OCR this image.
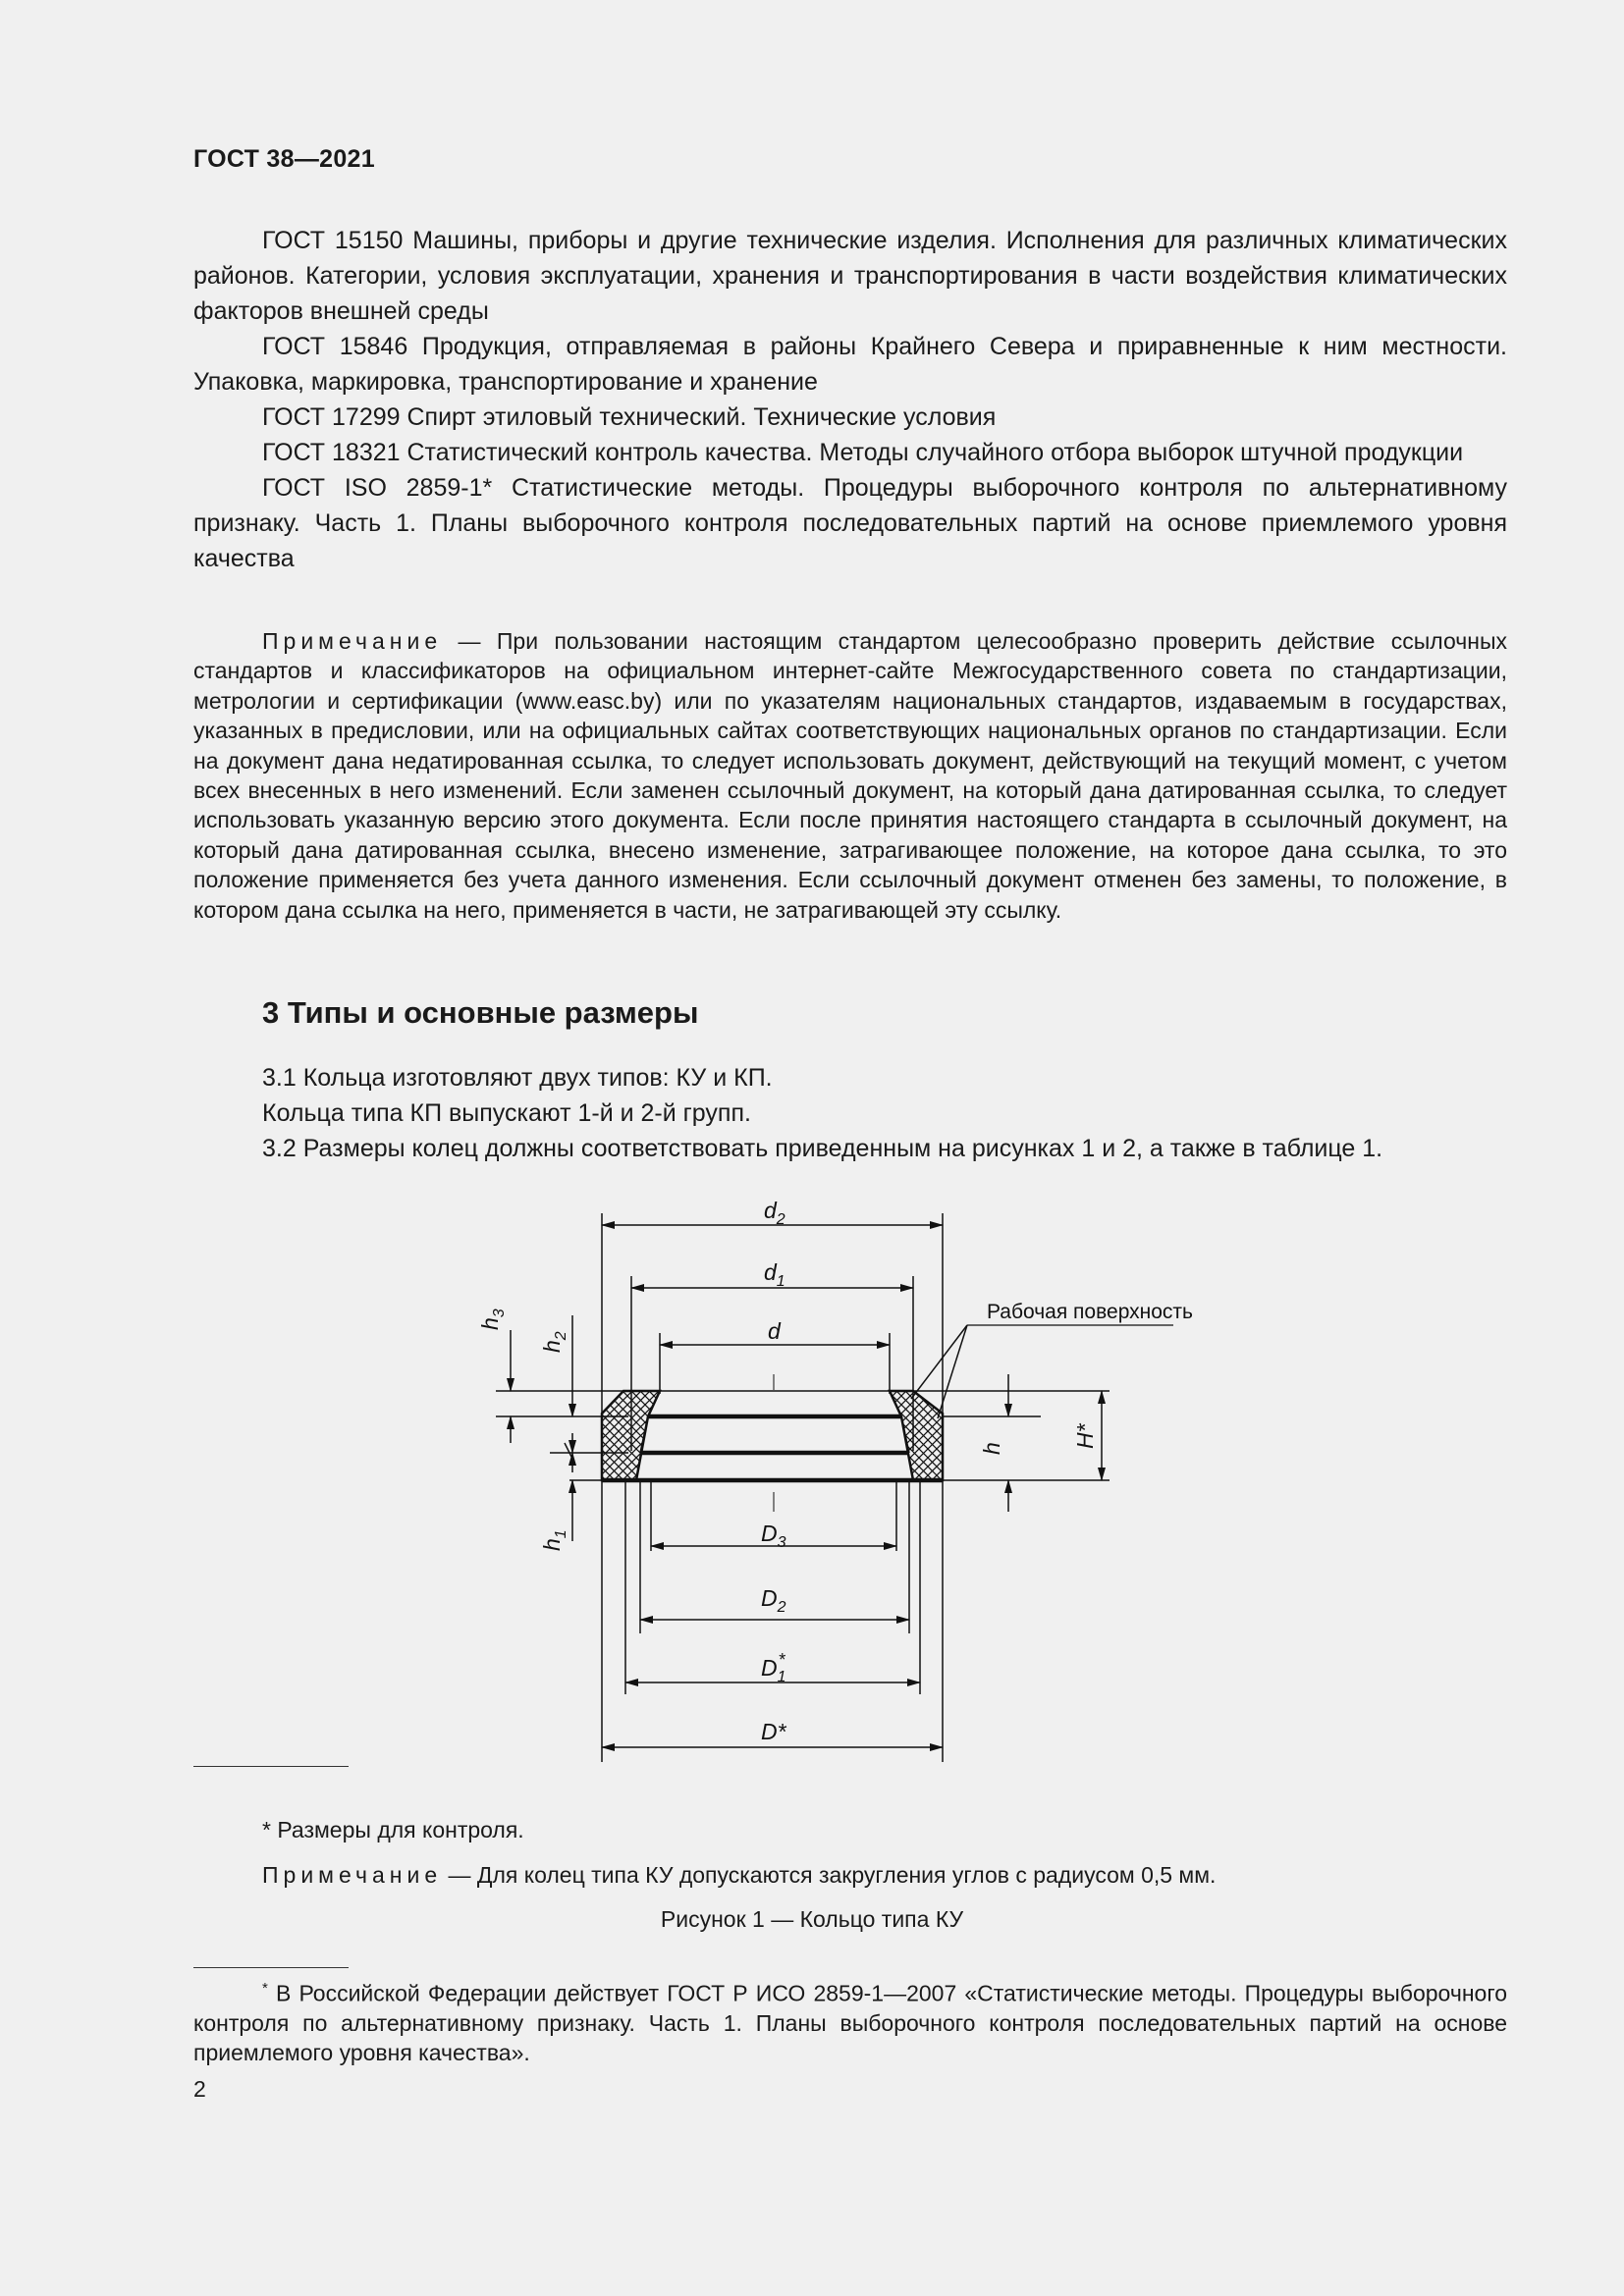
ГОСТ 38—2021

ГОСТ 15150 Машины, приборы и другие технические изделия. Исполнения для различных климатических районов. Категории, условия эксплуатации, хранения и транспортирования в части воздействия климатических факторов внешней среды

ГОСТ 15846 Продукция, отправляемая в районы Крайнего Севера и приравненные к ним местности. Упаковка, маркировка, транспортирование и хранение

ГОСТ 17299 Спирт этиловый технический. Технические условия

ГОСТ 18321 Статистический контроль качества. Методы случайного отбора выборок штучной продукции

ГОСТ ISO 2859-1* Статистические методы. Процедуры выборочного контроля по альтернативному признаку. Часть 1. Планы выборочного контроля последовательных партий на основе приемлемого уровня качества

Примечание — При пользовании настоящим стандартом целесообразно проверить действие ссылочных стандартов и классификаторов на официальном интернет-сайте Межгосударственного совета по стандартизации, метрологии и сертификации (www.easc.by) или по указателям национальных стандартов, издаваемым в государствах, указанных в предисловии, или на официальных сайтах соответствующих национальных органов по стандартизации. Если на документ дана недатированная ссылка, то следует использовать документ, действующий на текущий момент, с учетом всех внесенных в него изменений. Если заменен ссылочный документ, на который дана датированная ссылка, то следует использовать указанную версию этого документа. Если после принятия настоящего стандарта в ссылочный документ, на который дана датированная ссылка, внесено изменение, затрагивающее положение, на которое дана ссылка, то это положение применяется без учета данного изменения. Если ссылочный документ отменен без замены, то положение, в котором дана ссылка на него, применяется в части, не затрагивающей эту ссылку.

3 Типы и основные размеры
3.1 Кольца изготовляют двух типов: КУ и КП.
Кольца типа КП выпускают 1-й и 2-й групп.
3.2 Размеры колец должны соответствовать приведенным на рисунках 1 и 2, а также в таблице 1.
$d_2$
$d_1$
d
$D_3$
$D_2$
$D_1*$
D*
$h_3$
$h_2$
$h_1$
h	H*
Рабочая поверхность
* Размеры для контроля.
Примечание — Для колец типа КУ допускаются закругления углов с радиусом 0,5 мм.
Рисунок 1 — Кольцо типа КУ

* В Российской Федерации действует ГОСТ Р ИСО 2859-1—2007 «Статистические методы. Процедуры выборочного контроля по альтернативному признаку. Часть 1. Планы выборочного контроля последовательных партий на основе приемлемого уровня качества».

2
